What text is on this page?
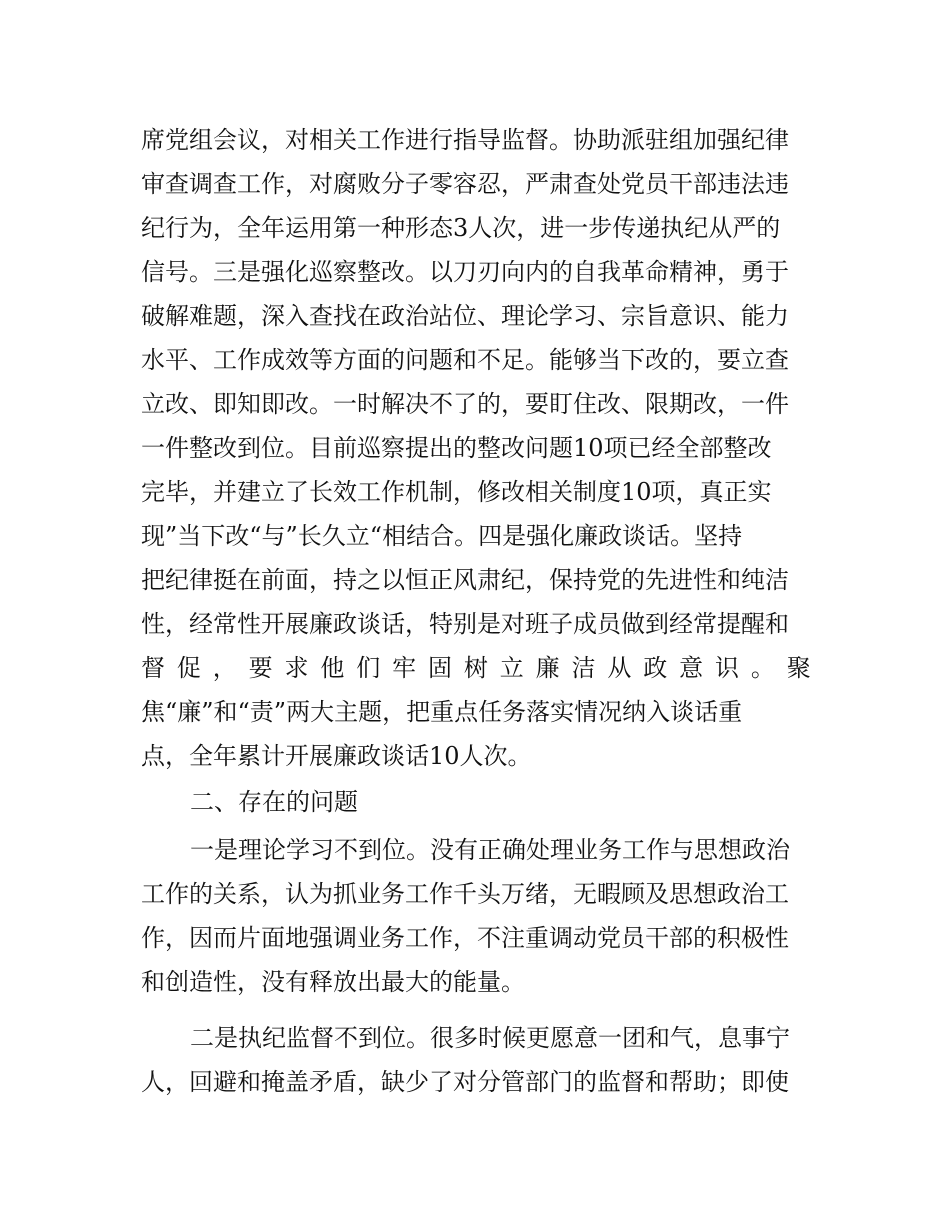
席党组会议，对相关工作进行指导监督。协助派驻组加强纪律
审查调查工作，对腐败分子零容忍，严肃查处党员干部违法违
纪行为，全年运用第一种形态3人次，进一步传递执纪从严的
信号。三是强化巡察整改。以刀刃向内的自我革命精神，勇于
破解难题，深入查找在政治站位、理论学习、宗旨意识、能力
水平、工作成效等方面的问题和不足。能够当下改的，要立查
立改、即知即改。一时解决不了的，要盯住改、限期改，一件
一件整改到位。目前巡察提出的整改问题10项已经全部整改
完毕，并建立了长效工作机制，修改相关制度10项，真正实
现”当下改“与”长久立“相结合。四是强化廉政谈话。坚持
把纪律挺在前面，持之以恒正风肃纪，保持党的先进性和纯洁
性，经常性开展廉政谈话，特别是对班子成员做到经常提醒和
督 促 ， 要 求 他 们 牢 固 树 立 廉 洁 从 政 意 识 。 聚
焦“廉”和“责”两大主题，把重点任务落实情况纳入谈话重
点，全年累计开展廉政谈话10人次。
二、存在的问题
一是理论学习不到位。没有正确处理业务工作与思想政治
工作的关系，认为抓业务工作千头万绪，无暇顾及思想政治工
作，因而片面地强调业务工作，不注重调动党员干部的积极性
和创造性，没有释放出最大的能量。
二是执纪监督不到位。很多时候更愿意一团和气，息事宁
人，回避和掩盖矛盾，缺少了对分管部门的监督和帮助；即使
